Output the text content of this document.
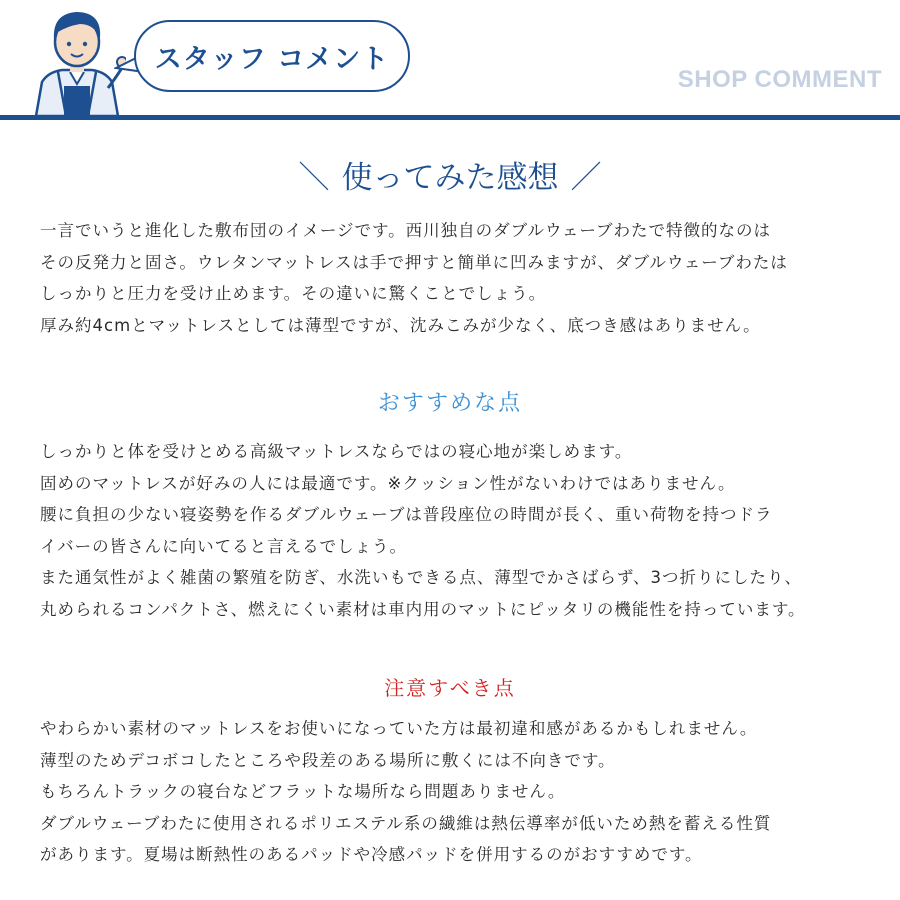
スタッフ コメント
SHOP COMMENT
＼ 使ってみた感想 ／
一言でいうと進化した敷布団のイメージです。西川独自のダブルウェーブわたで特徴的なのは
その反発力と固さ。ウレタンマットレスは手で押すと簡単に凹みますが、ダブルウェーブわたは
しっかりと圧力を受け止めます。その違いに驚くことでしょう。
厚み約4cmとマットレスとしては薄型ですが、沈みこみが少なく、底つき感はありません。
おすすめな点
しっかりと体を受けとめる高級マットレスならではの寝心地が楽しめます。
固めのマットレスが好みの人には最適です。※クッション性がないわけではありません。
腰に負担の少ない寝姿勢を作るダブルウェーブは普段座位の時間が長く、重い荷物を持つドラ
イバーの皆さんに向いてると言えるでしょう。
また通気性がよく雑菌の繁殖を防ぎ、水洗いもできる点、薄型でかさばらず、3つ折りにしたり、
丸められるコンパクトさ、燃えにくい素材は車内用のマットにピッタリの機能性を持っています。
注意すべき点
やわらかい素材のマットレスをお使いになっていた方は最初違和感があるかもしれません。
薄型のためデコボコしたところや段差のある場所に敷くには不向きです。
もちろんトラックの寝台などフラットな場所なら問題ありません。
ダブルウェーブわたに使用されるポリエステル系の繊維は熱伝導率が低いため熱を蓄える性質
があります。夏場は断熱性のあるパッドや冷感パッドを併用するのがおすすめです。
